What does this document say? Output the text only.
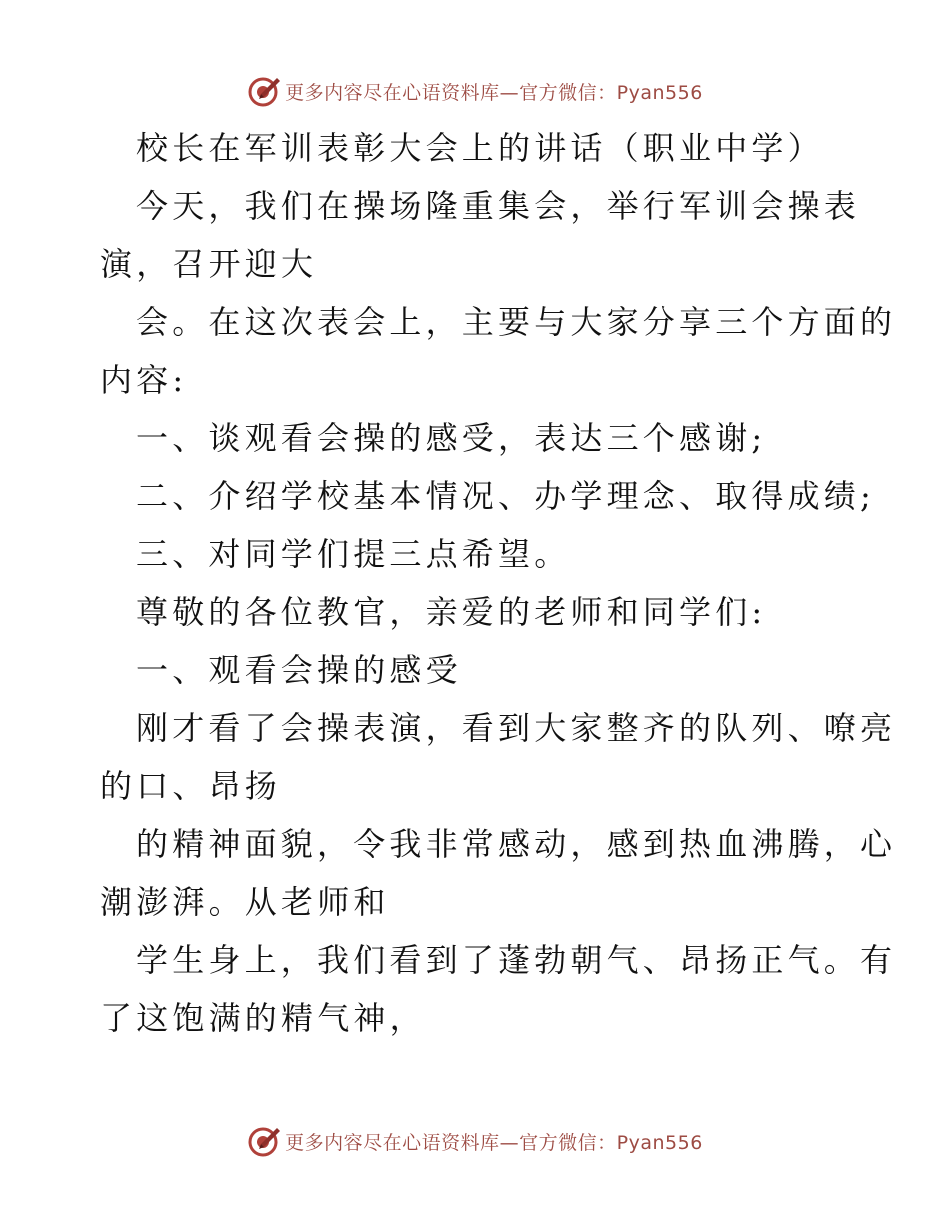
更多内容尽在心语资料库—官方微信：Pyan556
校长在军训表彰大会上的讲话（职业中学）
今天，我们在操场隆重集会，举行军训会操表
演，召开迎大
会。在这次表会上，主要与大家分享三个方面的
内容:
一、谈观看会操的感受，表达三个感谢;
二、介绍学校基本情况、办学理念、取得成绩;
三、对同学们提三点希望。
尊敬的各位教官，亲爱的老师和同学们:
一、观看会操的感受
刚才看了会操表演，看到大家整齐的队列、嘹亮
的口、昂扬
的精神面貌，令我非常感动，感到热血沸腾，心
潮澎湃。从老师和
学生身上，我们看到了蓬勃朝气、昂扬正气。有
了这饱满的精气神，
更多内容尽在心语资料库—官方微信：Pyan556
